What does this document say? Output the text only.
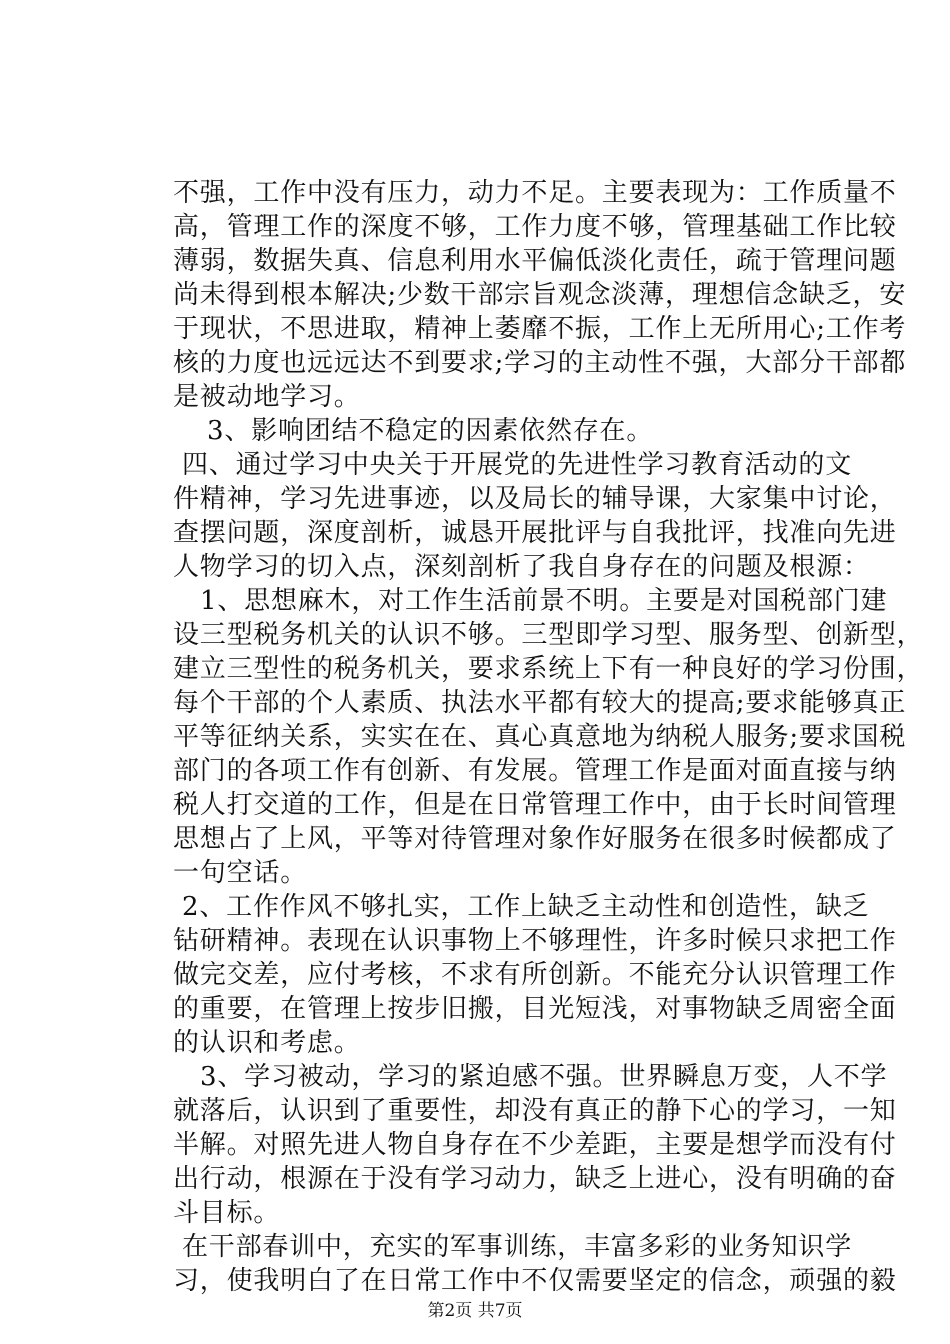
不强，工作中没有压力，动力不足。主要表现为：工作质量不
高，管理工作的深度不够，工作力度不够，管理基础工作比较
薄弱，数据失真、信息利用水平偏低淡化责任，疏于管理问题
尚未得到根本解决;少数干部宗旨观念淡薄，理想信念缺乏，安
于现状，不思进取，精神上萎靡不振，工作上无所用心;工作考
核的力度也远远达不到要求;学习的主动性不强，大部分干部都
是被动地学习。
3、影响团结不稳定的因素依然存在。
四、通过学习中央关于开展党的先进性学习教育活动的文
件精神，学习先进事迹，以及局长的辅导课，大家集中讨论，
查摆问题，深度剖析，诚恳开展批评与自我批评，找准向先进
人物学习的切入点，深刻剖析了我自身存在的问题及根源：
1、思想麻木，对工作生活前景不明。主要是对国税部门建
设三型税务机关的认识不够。三型即学习型、服务型、创新型，
建立三型性的税务机关，要求系统上下有一种良好的学习份围，
每个干部的个人素质、执法水平都有较大的提高;要求能够真正
平等征纳关系，实实在在、真心真意地为纳税人服务;要求国税
部门的各项工作有创新、有发展。管理工作是面对面直接与纳
税人打交道的工作，但是在日常管理工作中，由于长时间管理
思想占了上风，平等对待管理对象作好服务在很多时候都成了
一句空话。
2、工作作风不够扎实，工作上缺乏主动性和创造性，缺乏
钻研精神。表现在认识事物上不够理性，许多时候只求把工作
做完交差，应付考核，不求有所创新。不能充分认识管理工作
的重要，在管理上按步旧搬，目光短浅，对事物缺乏周密全面
的认识和考虑。
3、学习被动，学习的紧迫感不强。世界瞬息万变，人不学
就落后，认识到了重要性，却没有真正的静下心的学习，一知
半解。对照先进人物自身存在不少差距，主要是想学而没有付
出行动，根源在于没有学习动力，缺乏上进心，没有明确的奋
斗目标。
在干部春训中，充实的军事训练，丰富多彩的业务知识学
习，使我明白了在日常工作中不仅需要坚定的信念，顽强的毅
第2页 共7页
